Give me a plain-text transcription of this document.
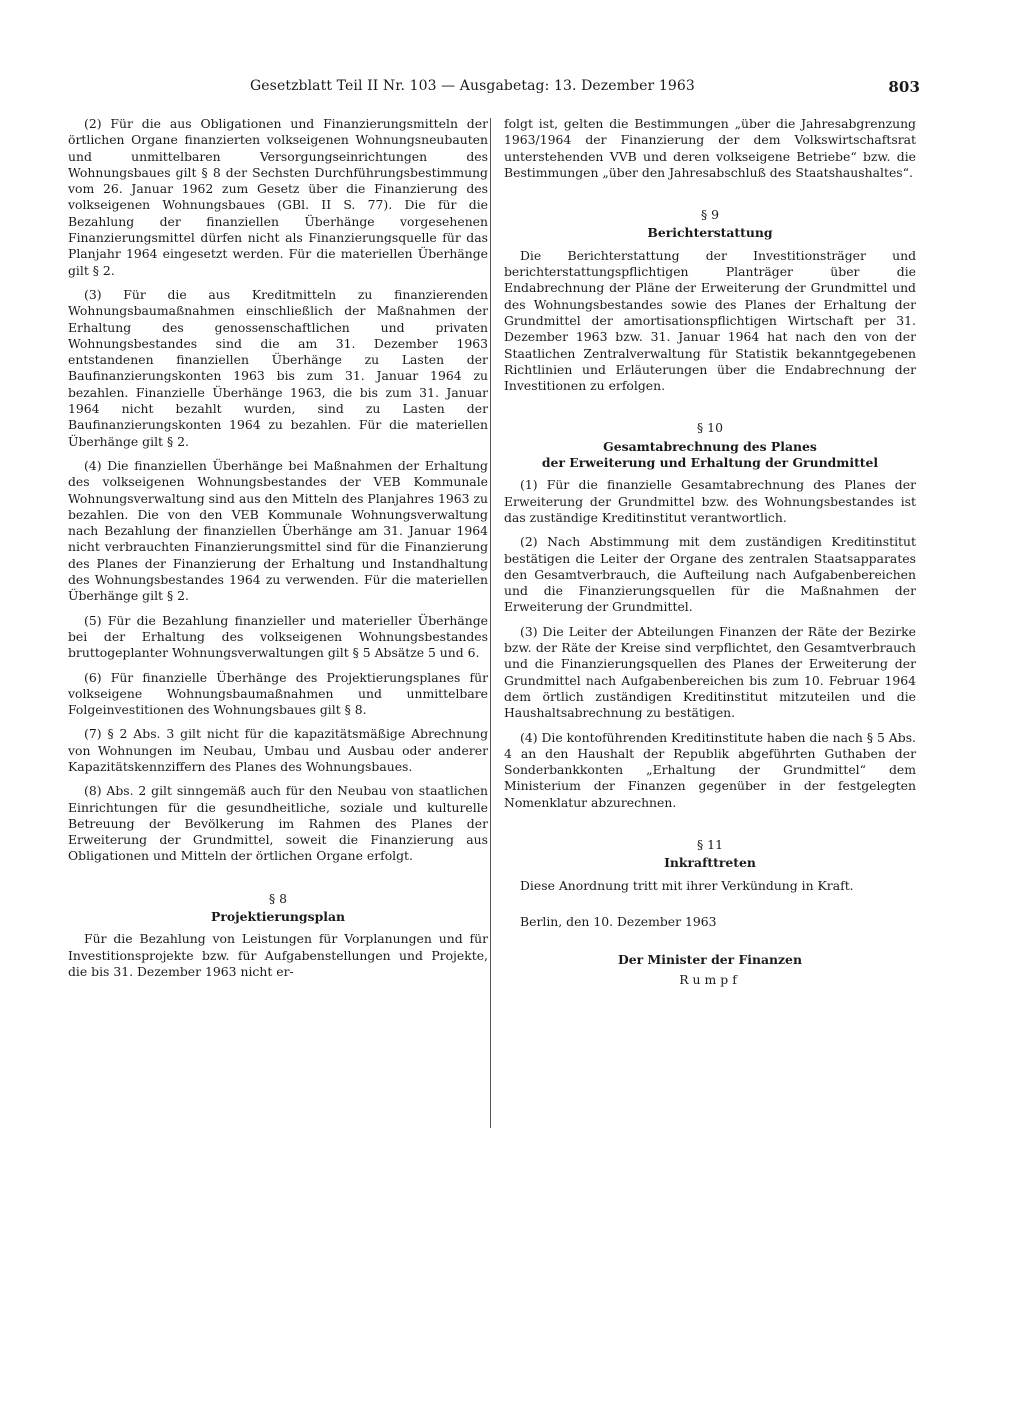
Gesetzblatt Teil II Nr. 103 — Ausgabetag: 13. Dezember 1963	803

(2) Für die aus Obligationen und Finanzierungsmitteln der örtlichen Organe finanzierten volkseigenen Wohnungsneubauten und unmittelbaren Versorgungseinrichtungen des Wohnungsbaues gilt § 8 der Sechsten Durchführungsbestimmung vom 26. Januar 1962 zum Gesetz über die Finanzierung des volkseigenen Wohnungsbaues (GBl. II S. 77). Die für die Bezahlung der finanziellen Überhänge vorgesehenen Finanzierungsmittel dürfen nicht als Finanzierungsquelle für das Planjahr 1964 eingesetzt werden. Für die materiellen Überhänge gilt § 2.

(3) Für die aus Kreditmitteln zu finanzierenden Wohnungsbaumaßnahmen einschließlich der Maßnahmen der Erhaltung des genossenschaftlichen und privaten Wohnungsbestandes sind die am 31. Dezember 1963 entstandenen finanziellen Überhänge zu Lasten der Baufinanzierungskonten 1963 bis zum 31. Januar 1964 zu bezahlen. Finanzielle Überhänge 1963, die bis zum 31. Januar 1964 nicht bezahlt wurden, sind zu Lasten der Baufinanzierungskonten 1964 zu bezahlen. Für die materiellen Überhänge gilt § 2.

(4) Die finanziellen Überhänge bei Maßnahmen der Erhaltung des volkseigenen Wohnungsbestandes der VEB Kommunale Wohnungsverwaltung sind aus den Mitteln des Planjahres 1963 zu bezahlen. Die von den VEB Kommunale Wohnungsverwaltung nach Bezahlung der finanziellen Überhänge am 31. Januar 1964 nicht verbrauchten Finanzierungsmittel sind für die Finanzierung des Planes der Finanzierung der Erhaltung und Instandhaltung des Wohnungsbestandes 1964 zu verwenden. Für die materiellen Überhänge gilt § 2.

(5) Für die Bezahlung finanzieller und materieller Überhänge bei der Erhaltung des volkseigenen Wohnungsbestandes bruttogeplanter Wohnungsverwaltungen gilt § 5 Absätze 5 und 6.

(6) Für finanzielle Überhänge des Projektierungsplanes für volkseigene Wohnungsbaumaßnahmen und unmittelbare Folgeinvestitionen des Wohnungsbaues gilt § 8.

(7) § 2 Abs. 3 gilt nicht für die kapazitätsmäßige Abrechnung von Wohnungen im Neubau, Umbau und Ausbau oder anderer Kapazitätskennziffern des Planes des Wohnungsbaues.

(8) Abs. 2 gilt sinngemäß auch für den Neubau von staatlichen Einrichtungen für die gesundheitliche, soziale und kulturelle Betreuung der Bevölkerung im Rahmen des Planes der Erweiterung der Grundmittel, soweit die Finanzierung aus Obligationen und Mitteln der örtlichen Organe erfolgt.

§ 8
Projektierungsplan

Für die Bezahlung von Leistungen für Vorplanungen und für Investitionsprojekte bzw. für Aufgabenstellungen und Projekte, die bis 31. Dezember 1963 nicht er-

folgt ist, gelten die Bestimmungen „über die Jahresabgrenzung 1963/1964 der Finanzierung der dem Volkswirtschaftsrat unterstehenden VVB und deren volkseigene Betriebe“ bzw. die Bestimmungen „über den Jahresabschluß des Staatshaushaltes“.

§ 9
Berichterstattung

Die Berichterstattung der Investitionsträger und berichterstattungspflichtigen Planträger über die Endabrechnung der Pläne der Erweiterung der Grundmittel und des Wohnungsbestandes sowie des Planes der Erhaltung der Grundmittel der amortisationspflichtigen Wirtschaft per 31. Dezember 1963 bzw. 31. Januar 1964 hat nach den von der Staatlichen Zentralverwaltung für Statistik bekanntgegebenen Richtlinien und Erläuterungen über die Endabrechnung der Investitionen zu erfolgen.

§ 10
Gesamtabrechnung des Planes
der Erweiterung und Erhaltung der Grundmittel

(1) Für die finanzielle Gesamtabrechnung des Planes der Erweiterung der Grundmittel bzw. des Wohnungsbestandes ist das zuständige Kreditinstitut verantwortlich.

(2) Nach Abstimmung mit dem zuständigen Kreditinstitut bestätigen die Leiter der Organe des zentralen Staatsapparates den Gesamtverbrauch, die Aufteilung nach Aufgabenbereichen und die Finanzierungsquellen für die Maßnahmen der Erweiterung der Grundmittel.

(3) Die Leiter der Abteilungen Finanzen der Räte der Bezirke bzw. der Räte der Kreise sind verpflichtet, den Gesamtverbrauch und die Finanzierungsquellen des Planes der Erweiterung der Grundmittel nach Aufgabenbereichen bis zum 10. Februar 1964 dem örtlich zuständigen Kreditinstitut mitzuteilen und die Haushaltsabrechnung zu bestätigen.

(4) Die kontoführenden Kreditinstitute haben die nach § 5 Abs. 4 an den Haushalt der Republik abgeführten Guthaben der Sonderbankkonten „Erhaltung der Grundmittel“ dem Ministerium der Finanzen gegenüber in der festgelegten Nomenklatur abzurechnen.

§ 11
Inkrafttreten

Diese Anordnung tritt mit ihrer Verkündung in Kraft.

Berlin, den 10. Dezember 1963

Der Minister der Finanzen
Rumpf
